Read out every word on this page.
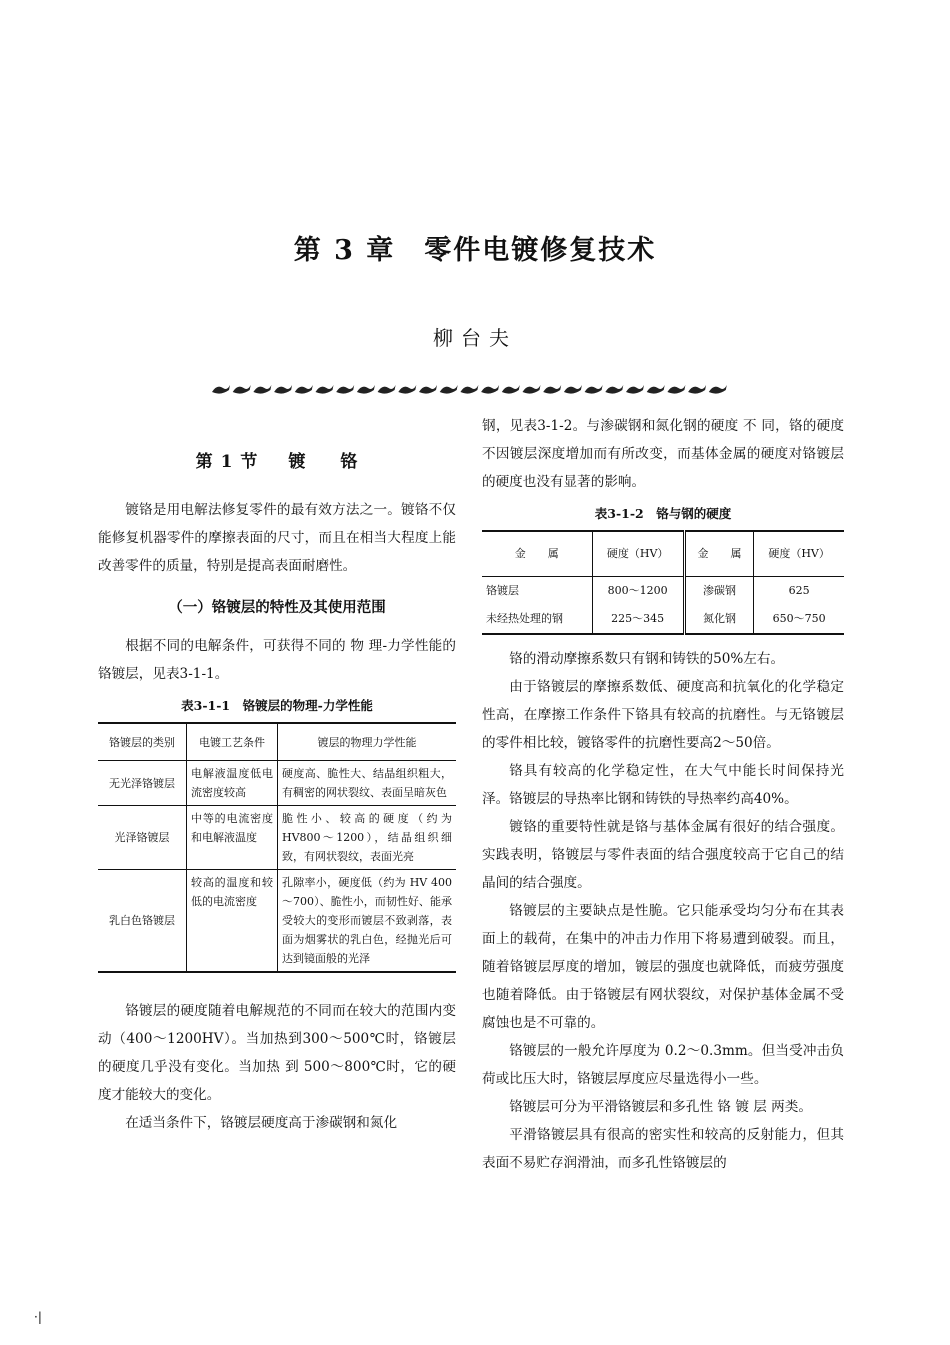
第 3 章　零件电镀修复技术
柳台夫
第 1 节 镀 铬

镀铬是用电解法修复零件的最有效方法之一。镀铬不仅能修复机器零件的摩擦表面的尺寸，而且在相当大程度上能改善零件的质量，特别是提高表面耐磨性。

（一）铬镀层的特性及其使用范围

根据不同的电解条件，可获得不同的 物 理-力学性能的铬镀层，见表3-1-1。

表3-1-1　铬镀层的物理-力学性能
铬镀层的类别	电镀工艺条件	镀层的物理力学性能
无光泽铬镀层	电解液温度低电流密度较高	硬度高、脆性大、结晶组织粗大，有稠密的网状裂纹、表面呈暗灰色
光泽铬镀层	中等的电流密度和电解液温度	脆性小、较高的硬度（约为 HV800～1200），结晶组织细致，有网状裂纹，表面光亮
乳白色铬镀层	较高的温度和较低的电流密度	孔隙率小，硬度低（约为 HV 400～700）、脆性小，而韧性好、能承受较大的变形而镀层不致剥落，表面为烟雾状的乳白色，经抛光后可达到镜面般的光泽

铬镀层的硬度随着电解规范的不同而在较大的范围内变动（400～1200HV）。当加热到300～500℃时，铬镀层的硬度几乎没有变化。当加热 到 500～800℃时，它的硬度才能较大的变化。

在适当条件下，铬镀层硬度高于渗碳钢和氮化

钢，见表3-1-2。与渗碳钢和氮化钢的硬度 不 同，铬的硬度不因镀层深度增加而有所改变，而基体金属的硬度对铬镀层的硬度也没有显著的影响。

表3-1-2　铬与钢的硬度
金　　属	硬度（HV）	金　　属	硬度（HV）
铬镀层	800～1200	渗碳钢	625
未经热处理的钢	225～345	氮化钢	650～750

铬的滑动摩擦系数只有钢和铸铁的50%左右。

由于铬镀层的摩擦系数低、硬度高和抗氧化的化学稳定性高，在摩擦工作条件下铬具有较高的抗磨性。与无铬镀层的零件相比较，镀铬零件的抗磨性要高2～50倍。

铬具有较高的化学稳定性，在大气中能长时间保持光泽。铬镀层的导热率比钢和铸铁的导热率约高40%。

镀铬的重要特性就是铬与基体金属有很好的结合强度。实践表明，铬镀层与零件表面的结合强度较高于它自己的结晶间的结合强度。

铬镀层的主要缺点是性脆。它只能承受均匀分布在其表面上的载荷，在集中的冲击力作用下将易遭到破裂。而且，随着铬镀层厚度的增加，镀层的强度也就降低，而疲劳强度也随着降低。由于铬镀层有网状裂纹，对保护基体金属不受腐蚀也是不可靠的。

铬镀层的一般允许厚度为 0.2～0.3mm。但当受冲击负荷或比压大时，铬镀层厚度应尽量选得小一些。

铬镀层可分为平滑铬镀层和多孔性 铬 镀 层 两类。

平滑铬镀层具有很高的密实性和较高的反射能力，但其表面不易贮存润滑油，而多孔性铬镀层的

·|
